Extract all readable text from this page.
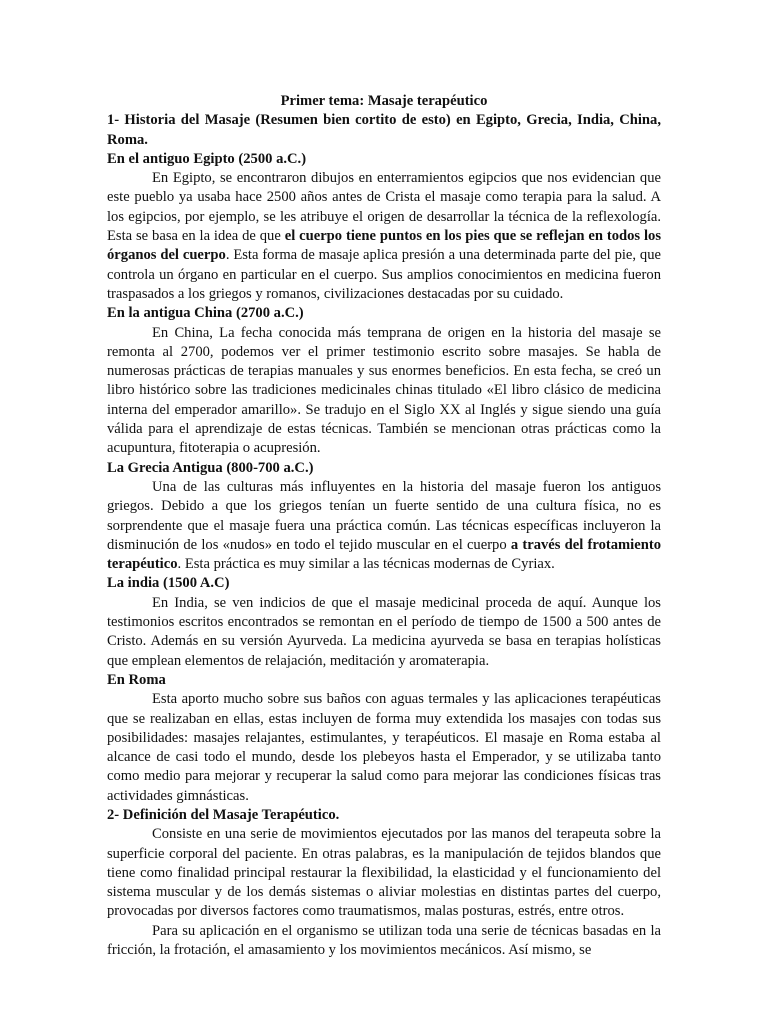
Primer tema: Masaje terapéutico
1- Historia del Masaje (Resumen bien cortito de esto) en Egipto, Grecia, India, China, Roma.
En el antiguo Egipto (2500 a.C.)

En Egipto, se encontraron dibujos en enterramientos egipcios que nos evidencian que este pueblo ya usaba hace 2500 años antes de Crista el masaje como terapia para la salud. A los egipcios, por ejemplo, se les atribuye el origen de desarrollar la técnica de la reflexología. Esta se basa en la idea de que el cuerpo tiene puntos en los pies que se reflejan en todos los órganos del cuerpo. Esta forma de masaje aplica presión a una determinada parte del pie, que controla un órgano en particular en el cuerpo. Sus amplios conocimientos en medicina fueron traspasados a los griegos y romanos, civilizaciones destacadas por su cuidado.

En la antigua China (2700 a.C.)

En China, La fecha conocida más temprana de origen en la historia del masaje se remonta al 2700, podemos ver el primer testimonio escrito sobre masajes. Se habla de numerosas prácticas de terapias manuales y sus enormes beneficios. En esta fecha, se creó un libro histórico sobre las tradiciones medicinales chinas titulado «El libro clásico de medicina interna del emperador amarillo». Se tradujo en el Siglo XX al Inglés y sigue siendo una guía válida para el aprendizaje de estas técnicas. También se mencionan otras prácticas como la acupuntura, fitoterapia o acupresión.

La Grecia Antigua (800-700 a.C.)

Una de las culturas más influyentes en la historia del masaje fueron los antiguos griegos. Debido a que los griegos tenían un fuerte sentido de una cultura física, no es sorprendente que el masaje fuera una práctica común. Las técnicas específicas incluyeron la disminución de los «nudos» en todo el tejido muscular en el cuerpo a través del frotamiento terapéutico. Esta práctica es muy similar a las técnicas modernas de Cyriax.

La india (1500 A.C)

En India, se ven indicios de que el masaje medicinal proceda de aquí. Aunque los testimonios escritos encontrados se remontan en el período de tiempo de 1500 a 500 antes de Cristo. Además en su versión Ayurveda. La medicina ayurveda se basa en terapias holísticas que emplean elementos de relajación, meditación y aromaterapia.

En Roma

Esta aporto mucho sobre sus baños con aguas termales y las aplicaciones terapéuticas que se realizaban en ellas, estas incluyen de forma muy extendida los masajes con todas sus posibilidades: masajes relajantes, estimulantes, y terapéuticos. El masaje en Roma estaba al alcance de casi todo el mundo, desde los plebeyos hasta el Emperador, y se utilizaba tanto como medio para mejorar y recuperar la salud como para mejorar las condiciones físicas tras actividades gimnásticas.

2- Definición del Masaje Terapéutico.

Consiste en una serie de movimientos ejecutados por las manos del terapeuta sobre la superficie corporal del paciente. En otras palabras, es la manipulación de tejidos blandos que tiene como finalidad principal restaurar la flexibilidad, la elasticidad y el funcionamiento del sistema muscular y de los demás sistemas o aliviar molestias en distintas partes del cuerpo, provocadas por diversos factores como traumatismos, malas posturas, estrés, entre otros.

Para su aplicación en el organismo se utilizan toda una serie de técnicas basadas en la fricción, la frotación, el amasamiento y los movimientos mecánicos. Así mismo, se
